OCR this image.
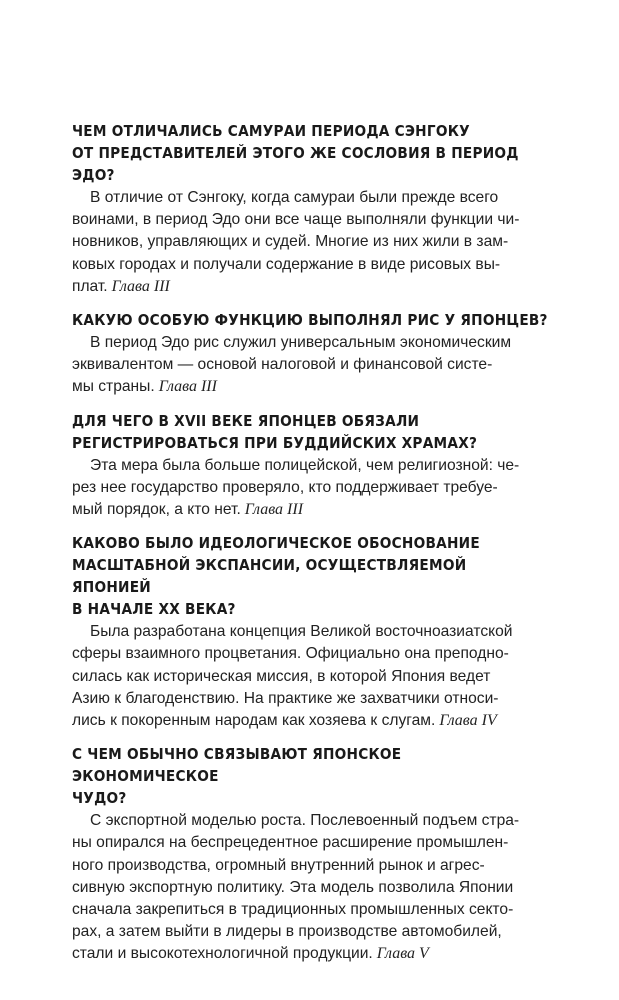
ЧЕМ ОТЛИЧАЛИСЬ САМУРАИ ПЕРИОДА СЭНГОКУ
ОТ ПРЕДСТАВИТЕЛЕЙ ЭТОГО ЖЕ СОСЛОВИЯ В ПЕРИОД ЭДО?

В отличие от Сэнгоку, когда самураи были прежде всего
воинами, в период Эдо они все чаще выполняли функции чи-
новников, управляющих и судей. Многие из них жили в зам-
ковых городах и получали содержание в виде рисовых вы-
плат. Глава III

КАКУЮ ОСОБУЮ ФУНКЦИЮ ВЫПОЛНЯЛ РИС У ЯПОНЦЕВ?

В период Эдо рис служил универсальным экономическим
эквивалентом — основой налоговой и финансовой систе-
мы страны. Глава III

ДЛЯ ЧЕГО В XVII ВЕКЕ ЯПОНЦЕВ ОБЯЗАЛИ
РЕГИСТРИРОВАТЬСЯ ПРИ БУДДИЙСКИХ ХРАМАХ?

Эта мера была больше полицейской, чем религиозной: че-
рез нее государство проверяло, кто поддерживает требуе-
мый порядок, а кто нет. Глава III

КАКОВО БЫЛО ИДЕОЛОГИЧЕСКОЕ ОБОСНОВАНИЕ
МАСШТАБНОЙ ЭКСПАНСИИ, ОСУЩЕСТВЛЯЕМОЙ ЯПОНИЕЙ
В НАЧАЛЕ XX ВЕКА?

Была разработана концепция Великой восточноазиатской
сферы взаимного процветания. Официально она преподно-
силась как историческая миссия, в которой Япония ведет
Азию к благоденствию. На практике же захватчики относи-
лись к покоренным народам как хозяева к слугам. Глава IV

С ЧЕМ ОБЫЧНО СВЯЗЫВАЮТ ЯПОНСКОЕ ЭКОНОМИЧЕСКОЕ
ЧУДО?

С экспортной моделью роста. Послевоенный подъем стра-
ны опирался на беспрецедентное расширение промышлен-
ного производства, огромный внутренний рынок и агрес-
сивную экспортную политику. Эта модель позволила Японии
сначала закрепиться в традиционных промышленных секто-
рах, а затем выйти в лидеры в производстве автомобилей,
стали и высокотехнологичной продукции. Глава V
